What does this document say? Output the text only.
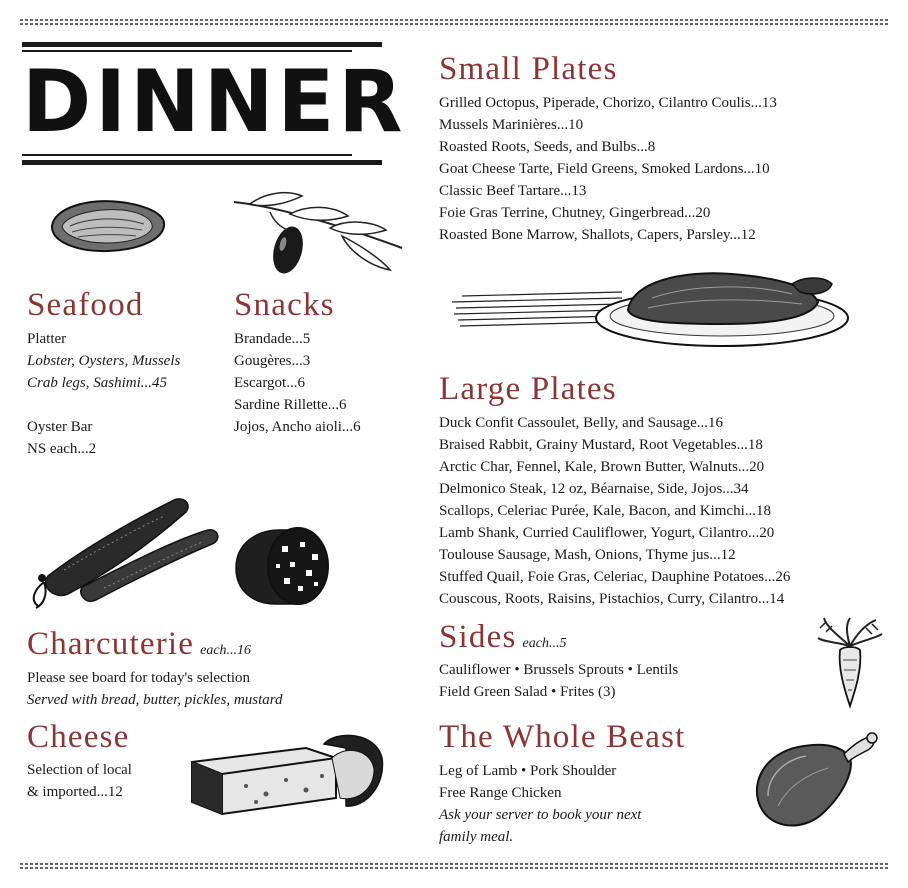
DINNER
Seafood
Platter
Lobster, Oysters, Mussels
Crab legs, Sashimi...45
Oyster Bar
NS each...2
Snacks
Brandade...5
Gougères...3
Escargot...6
Sardine Rillette...6
Jojos, Ancho aioli...6
Charcuterie each...16
Please see board for today's selection
Served with bread, butter, pickles, mustard
Cheese
Selection of local
& imported...12
Small Plates
Grilled Octopus, Piperade, Chorizo, Cilantro Coulis...13
Mussels Marinières...10
Roasted Roots, Seeds, and Bulbs...8
Goat Cheese Tarte, Field Greens, Smoked Lardons...10
Classic Beef Tartare...13
Foie Gras Terrine, Chutney, Gingerbread...20
Roasted Bone Marrow, Shallots, Capers, Parsley...12
Large Plates
Duck Confit Cassoulet, Belly, and Sausage...16
Braised Rabbit, Grainy Mustard, Root Vegetables...18
Arctic Char, Fennel, Kale, Brown Butter, Walnuts...20
Delmonico Steak, 12 oz, Béarnaise, Side, Jojos...34
Scallops, Celeriac Purée, Kale, Bacon, and Kimchi...18
Lamb Shank, Curried Cauliflower, Yogurt, Cilantro...20
Toulouse Sausage, Mash, Onions, Thyme jus...12
Stuffed Quail, Foie Gras, Celeriac, Dauphine Potatoes...26
Couscous, Roots, Raisins, Pistachios, Curry, Cilantro...14
Sides each...5
Cauliflower • Brussels Sprouts • Lentils
Field Green Salad • Frites (3)
The Whole Beast
Leg of Lamb • Pork Shoulder
Free Range Chicken
Ask your server to book your next
family meal.
